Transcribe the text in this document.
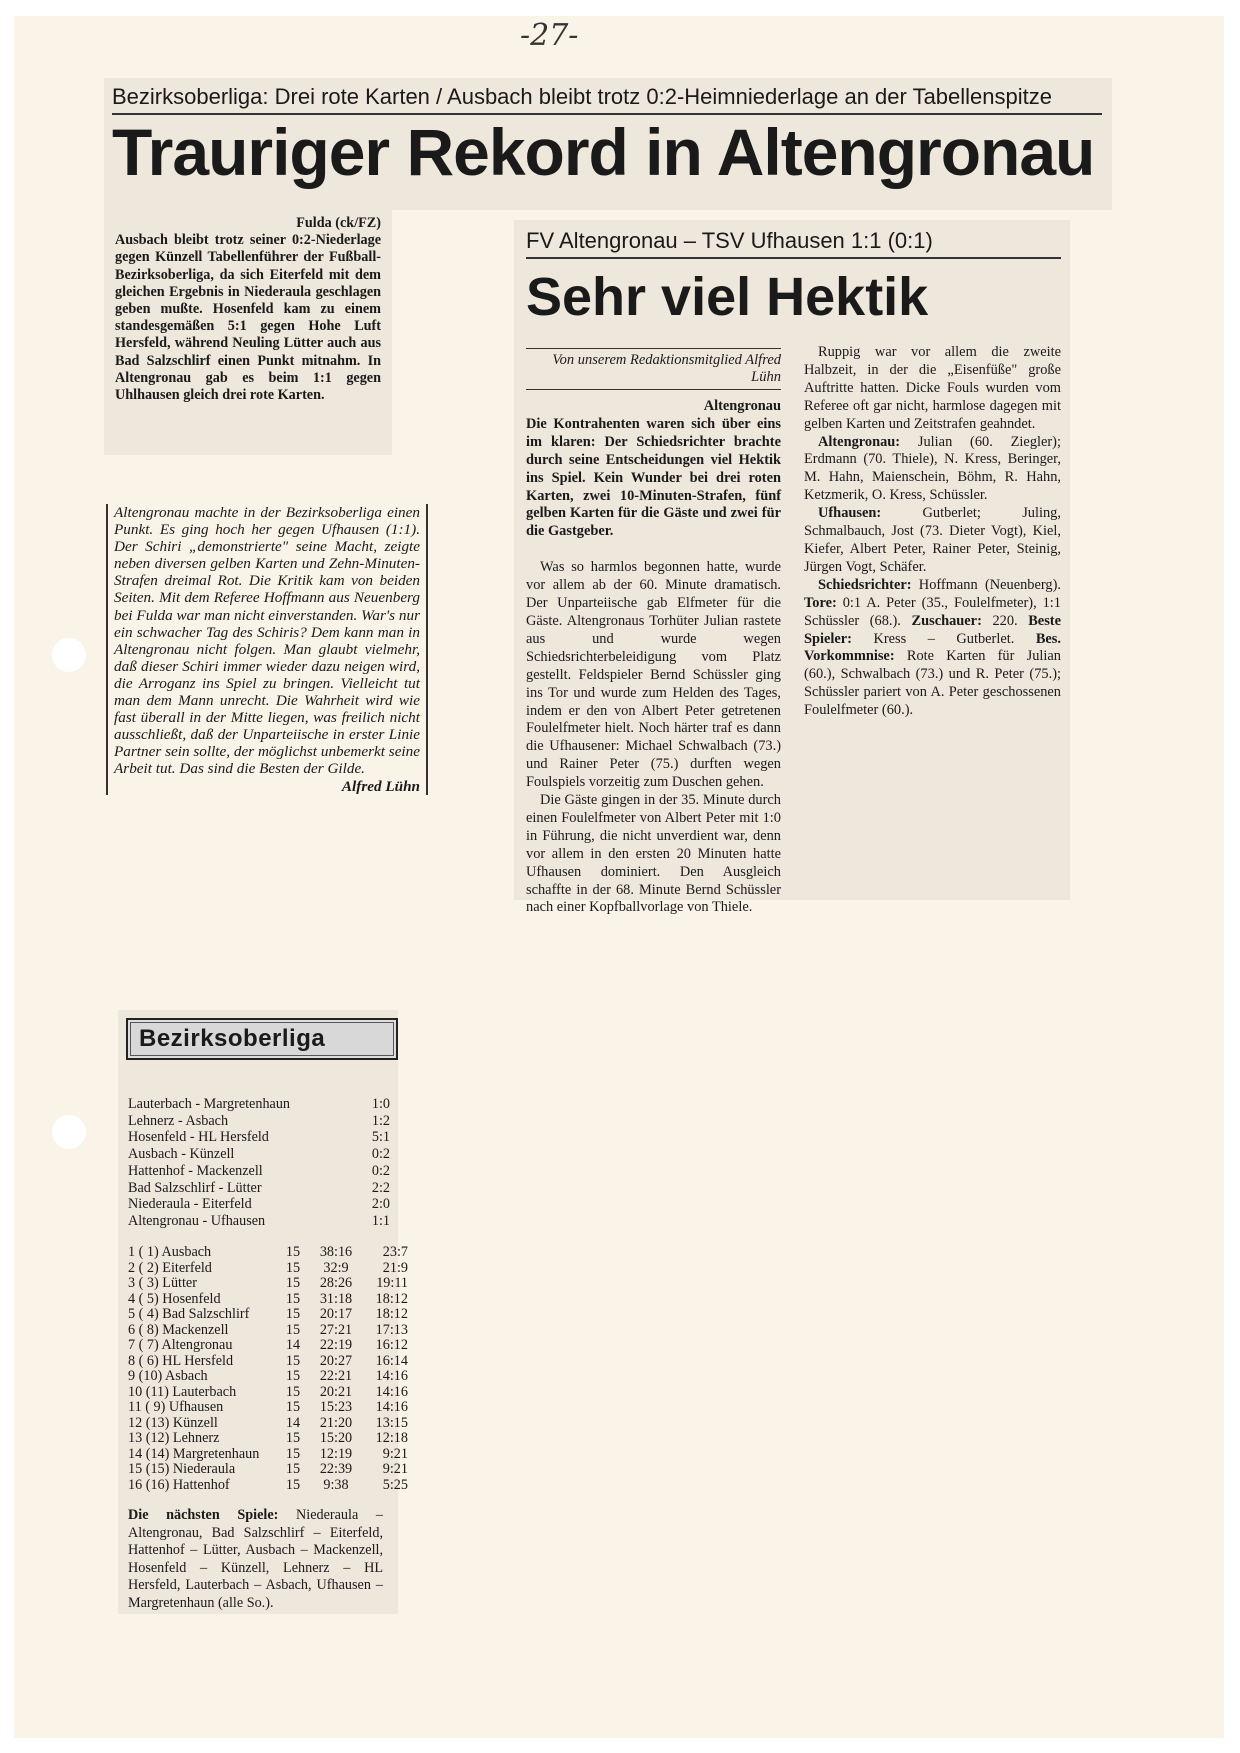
-27-
Bezirksoberliga: Drei rote Karten / Ausbach bleibt trotz 0:2-Heimniederlage an der Tabellenspitze
Trauriger Rekord in Altengronau
Fulda (ck/FZ)
Ausbach bleibt trotz seiner 0:2-Niederlage gegen Künzell Tabellenführer der Fußball-Bezirksoberliga, da sich Eiterfeld mit dem gleichen Ergebnis in Niederaula geschlagen geben mußte. Hosenfeld kam zu einem standesgemäßen 5:1 gegen Hohe Luft Hersfeld, während Neuling Lütter auch aus Bad Salzschlirf einen Punkt mitnahm. In Altengronau gab es beim 1:1 gegen Uhlhausen gleich drei rote Karten.
Altengronau machte in der Bezirksoberliga einen Punkt. Es ging hoch her gegen Ufhausen (1:1). Der Schiri „demonstrierte" seine Macht, zeigte neben diversen gelben Karten und Zehn-Minuten-Strafen dreimal Rot. Die Kritik kam von beiden Seiten. Mit dem Referee Hoffmann aus Neuenberg bei Fulda war man nicht einverstanden. War's nur ein schwacher Tag des Schiris? Dem kann man in Altengronau nicht folgen. Man glaubt vielmehr, daß dieser Schiri immer wieder dazu neigen wird, die Arroganz ins Spiel zu bringen. Vielleicht tut man dem Mann unrecht. Die Wahrheit wird wie fast überall in der Mitte liegen, was freilich nicht ausschließt, daß der Unparteiische in erster Linie Partner sein sollte, der möglichst unbemerkt seine Arbeit tut. Das sind die Besten der Gilde.
Alfred Lühn
FV Altengronau – TSV Ufhausen 1:1 (0:1)
Sehr viel Hektik
Von unserem Redaktionsmitglied Alfred Lühn

Altengronau

Die Kontrahenten waren sich über eins im klaren: Der Schiedsrichter brachte durch seine Entscheidungen viel Hektik ins Spiel. Kein Wunder bei drei roten Karten, zwei 10-Minuten-Strafen, fünf gelben Karten für die Gäste und zwei für die Gastgeber.

Was so harmlos begonnen hatte, wurde vor allem ab der 60. Minute dramatisch. Der Unparteiische gab Elfmeter für die Gäste. Altengronaus Torhüter Julian rastete aus und wurde wegen Schiedsrichterbeleidigung vom Platz gestellt. Feldspieler Bernd Schüssler ging ins Tor und wurde zum Helden des Tages, indem er den von Albert Peter getretenen Foulelfmeter hielt. Noch härter traf es dann die Ufhausener: Michael Schwalbach (73.) und Rainer Peter (75.) durften wegen Foulspiels vorzeitig zum Duschen gehen.

Die Gäste gingen in der 35. Minute durch einen Foulelfmeter von Albert Peter mit 1:0 in Führung, die nicht unverdient war, denn vor allem in den ersten 20 Minuten hatte Ufhausen dominiert. Den Ausgleich schaffte in der 68. Minute Bernd Schüssler nach einer Kopfballvorlage von Thiele.

Ruppig war vor allem die zweite Halbzeit, in der die „Eisenfüße" große Auftritte hatten. Dicke Fouls wurden vom Referee oft gar nicht, harmlose dagegen mit gelben Karten und Zeitstrafen geahndet.

Altengronau: Julian (60. Ziegler); Erdmann (70. Thiele), N. Kress, Beringer, M. Hahn, Maienschein, Böhm, R. Hahn, Ketzmerik, O. Kress, Schüssler.

Ufhausen:	Gutberlet; Juling, Schmalbauch, Jost (73. Dieter Vogt), Kiel, Kiefer, Albert Peter, Rainer Peter, Steinig, Jürgen Vogt, Schäfer.

Schiedsrichter: Hoffmann (Neuenberg). Tore: 0:1 A. Peter (35., Foulelfmeter), 1:1 Schüssler (68.). Zuschauer: 220. Beste Spieler: Kress – Gutberlet. Bes. Vorkommnise: Rote Karten für Julian (60.), Schwalbach (73.) und R. Peter (75.); Schüssler pariert von A. Peter geschossenen Foulelfmeter (60.).

Bezirksoberliga
Lauterbach - Margretenhaun	1:0
Lehnerz - Asbach	1:2
Hosenfeld - HL Hersfeld	5:1
Ausbach - Künzell	0:2
Hattenhof - Mackenzell	0:2
Bad Salzschlirf - Lütter	2:2
Niederaula - Eiterfeld	2:0
Altengronau - Ufhausen	1:1
1 ( 1) Ausbach	15	38:16	23:7
2 ( 2) Eiterfeld	15	32:9	21:9
3 ( 3) Lütter	15	28:26	19:11
4 ( 5) Hosenfeld	15	31:18	18:12
5 ( 4) Bad Salzschlirf	15	20:17	18:12
6 ( 8) Mackenzell	15	27:21	17:13
7 ( 7) Altengronau	14	22:19	16:12
8 ( 6) HL Hersfeld	15	20:27	16:14
9 (10) Asbach	15	22:21	14:16
10 (11) Lauterbach	15	20:21	14:16
11 ( 9) Ufhausen	15	15:23	14:16
12 (13) Künzell	14	21:20	13:15
13 (12) Lehnerz	15	15:20	12:18
14 (14) Margretenhaun	15	12:19	9:21
15 (15) Niederaula	15	22:39	9:21
16 (16) Hattenhof	15	9:38	5:25
Die nächsten Spiele: Niederaula – Altengronau, Bad Salzschlirf – Eiterfeld, Hattenhof – Lütter, Ausbach – Mackenzell, Hosenfeld – Künzell, Lehnerz – HL Hersfeld, Lauterbach – Asbach, Ufhausen – Margretenhaun (alle So.).
